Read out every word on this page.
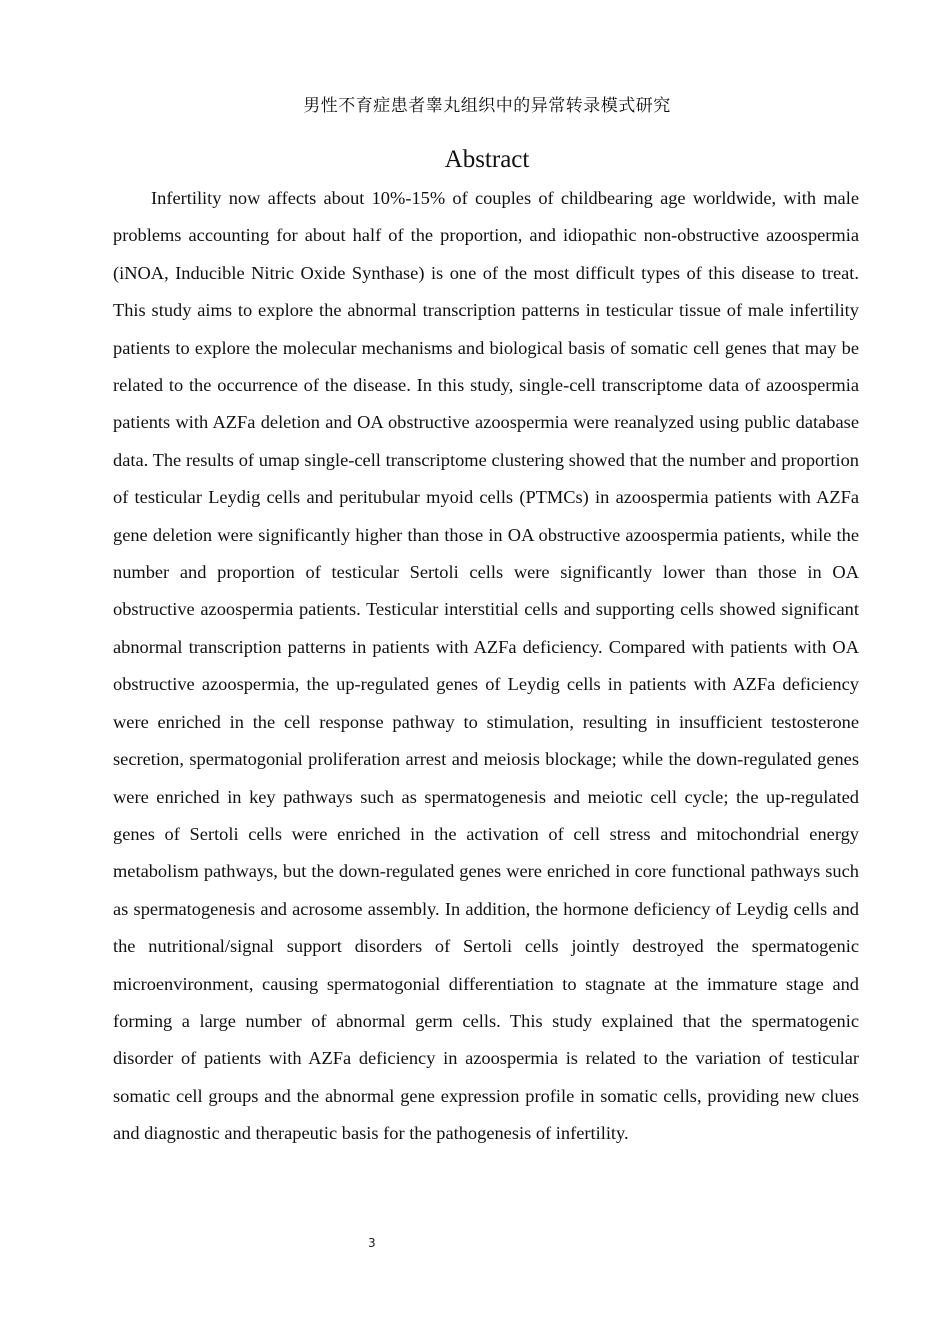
男性不育症患者睾丸组织中的异常转录模式研究
Abstract

Infertility now affects about 10%-15% of couples of childbearing age worldwide, with male problems accounting for about half of the proportion, and idiopathic non-obstructive azoospermia (iNOA, Inducible Nitric Oxide Synthase) is one of the most difficult types of this disease to treat. This study aims to explore the abnormal transcription patterns in testicular tissue of male infertility patients to explore the molecular mechanisms and biological basis of somatic cell genes that may be related to the occurrence of the disease. In this study, single-cell transcriptome data of azoospermia patients with AZFa deletion and OA obstructive azoospermia were reanalyzed using public database data. The results of umap single-cell transcriptome clustering showed that the number and proportion of testicular Leydig cells and peritubular myoid cells (PTMCs) in azoospermia patients with AZFa gene deletion were significantly higher than those in OA obstructive azoospermia patients, while the number and proportion of testicular Sertoli cells were significantly lower than those in OA obstructive azoospermia patients. Testicular interstitial cells and supporting cells showed significant abnormal transcription patterns in patients with AZFa deficiency. Compared with patients with OA obstructive azoospermia, the up-regulated genes of Leydig cells in patients with AZFa deficiency were enriched in the cell response pathway to stimulation, resulting in insufficient testosterone secretion, spermatogonial proliferation arrest and meiosis blockage; while the down-regulated genes were enriched in key pathways such as spermatogenesis and meiotic cell cycle; the up-regulated genes of Sertoli cells were enriched in the activation of cell stress and mitochondrial energy metabolism pathways, but the down-regulated genes were enriched in core functional pathways such as spermatogenesis and acrosome assembly. In addition, the hormone deficiency of Leydig cells and the nutritional/signal support disorders of Sertoli cells jointly destroyed the spermatogenic microenvironment, causing spermatogonial differentiation to stagnate at the immature stage and forming a large number of abnormal germ cells. This study explained that the spermatogenic disorder of patients with AZFa deficiency in azoospermia is related to the variation of testicular somatic cell groups and the abnormal gene expression profile in somatic cells, providing new clues and diagnostic and therapeutic basis for the pathogenesis of infertility.

3
